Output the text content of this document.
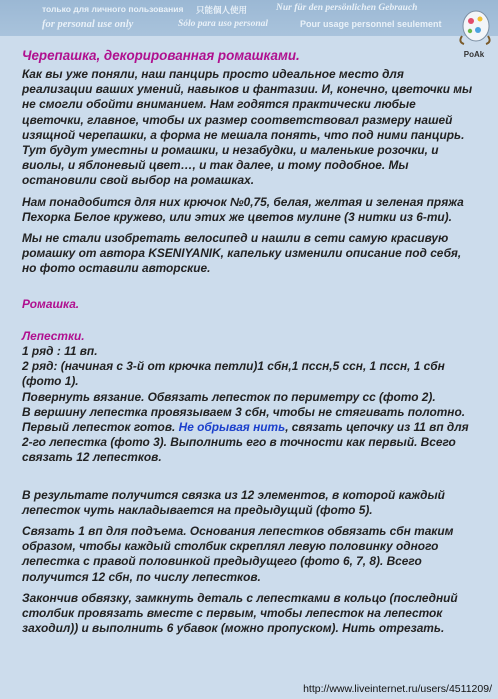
только для личного пользования 只能個人使用	Nur für den persönlichen Gebrauch
for personal use only	Sólo para uso personal	Pour usage personnel seulement
PoAk
Черепашка, декорированная ромашками.
Как вы уже поняли, наш панцирь просто идеальное место для реализации ваших умений, навыков и фантазии. И, конечно, цветочки мы не смогли обойти вниманием. Нам годятся практически любые цветочки, главное, чтобы их размер соответствовал размеру нашей изящной черепашки, а форма не мешала понять, что под ними панцирь. Тут будут уместны и ромашки, и незабудки, и маленькие розочки, и виолы, и яблоневый цвет…, и так далее, и тому подобное. Мы остановили свой выбор на ромашках.
Нам понадобится для них крючок №0,75, белая, желтая и зеленая пряжа Пехорка Белое кружево, или этих же цветов мулине (3 нитки из 6-ти).
Мы не стали изобретать велосипед и нашли в сети самую красивую ромашку от автора KSENIYANIK, капельку изменили описание под себя, но фото оставили авторские.
Ромашка.
Лепестки.
1 ряд : 11 вп.
2 ряд: (начиная с 3-й от крючка петли)1 сбн,1 пссн,5 ссн, 1 пссн, 1 сбн (фото 1).
Повернуть вязание. Обвязать лепесток по периметру сс (фото 2).
В вершину лепестка провязываем 3 сбн, чтобы не стягивать полотно.
Первый лепесток готов. Не обрывая нить, связать цепочку из 11 вп для 2-го лепестка (фото 3). Выполнить его в точности как первый. Всего связать 12 лепестков.
В результате получится связка из 12 элементов, в которой каждый лепесток чуть накладывается на предыдущий (фото 5).
Связать 1 вп для подъема. Основания лепестков обвязать сбн таким образом, чтобы каждый столбик скреплял левую половинку одного лепестка с правой половинкой предыдущего (фото 6, 7, 8). Всего получится 12 сбн, по числу лепестков.
Закончив обвязку, замкнуть деталь с лепестками в кольцо (последний столбик провязать вместе с первым, чтобы лепесток на лепесток заходил)) и выполнить 6 убавок (можно пропуском). Нить отрезать.
http://www.liveinternet.ru/users/4511209/
